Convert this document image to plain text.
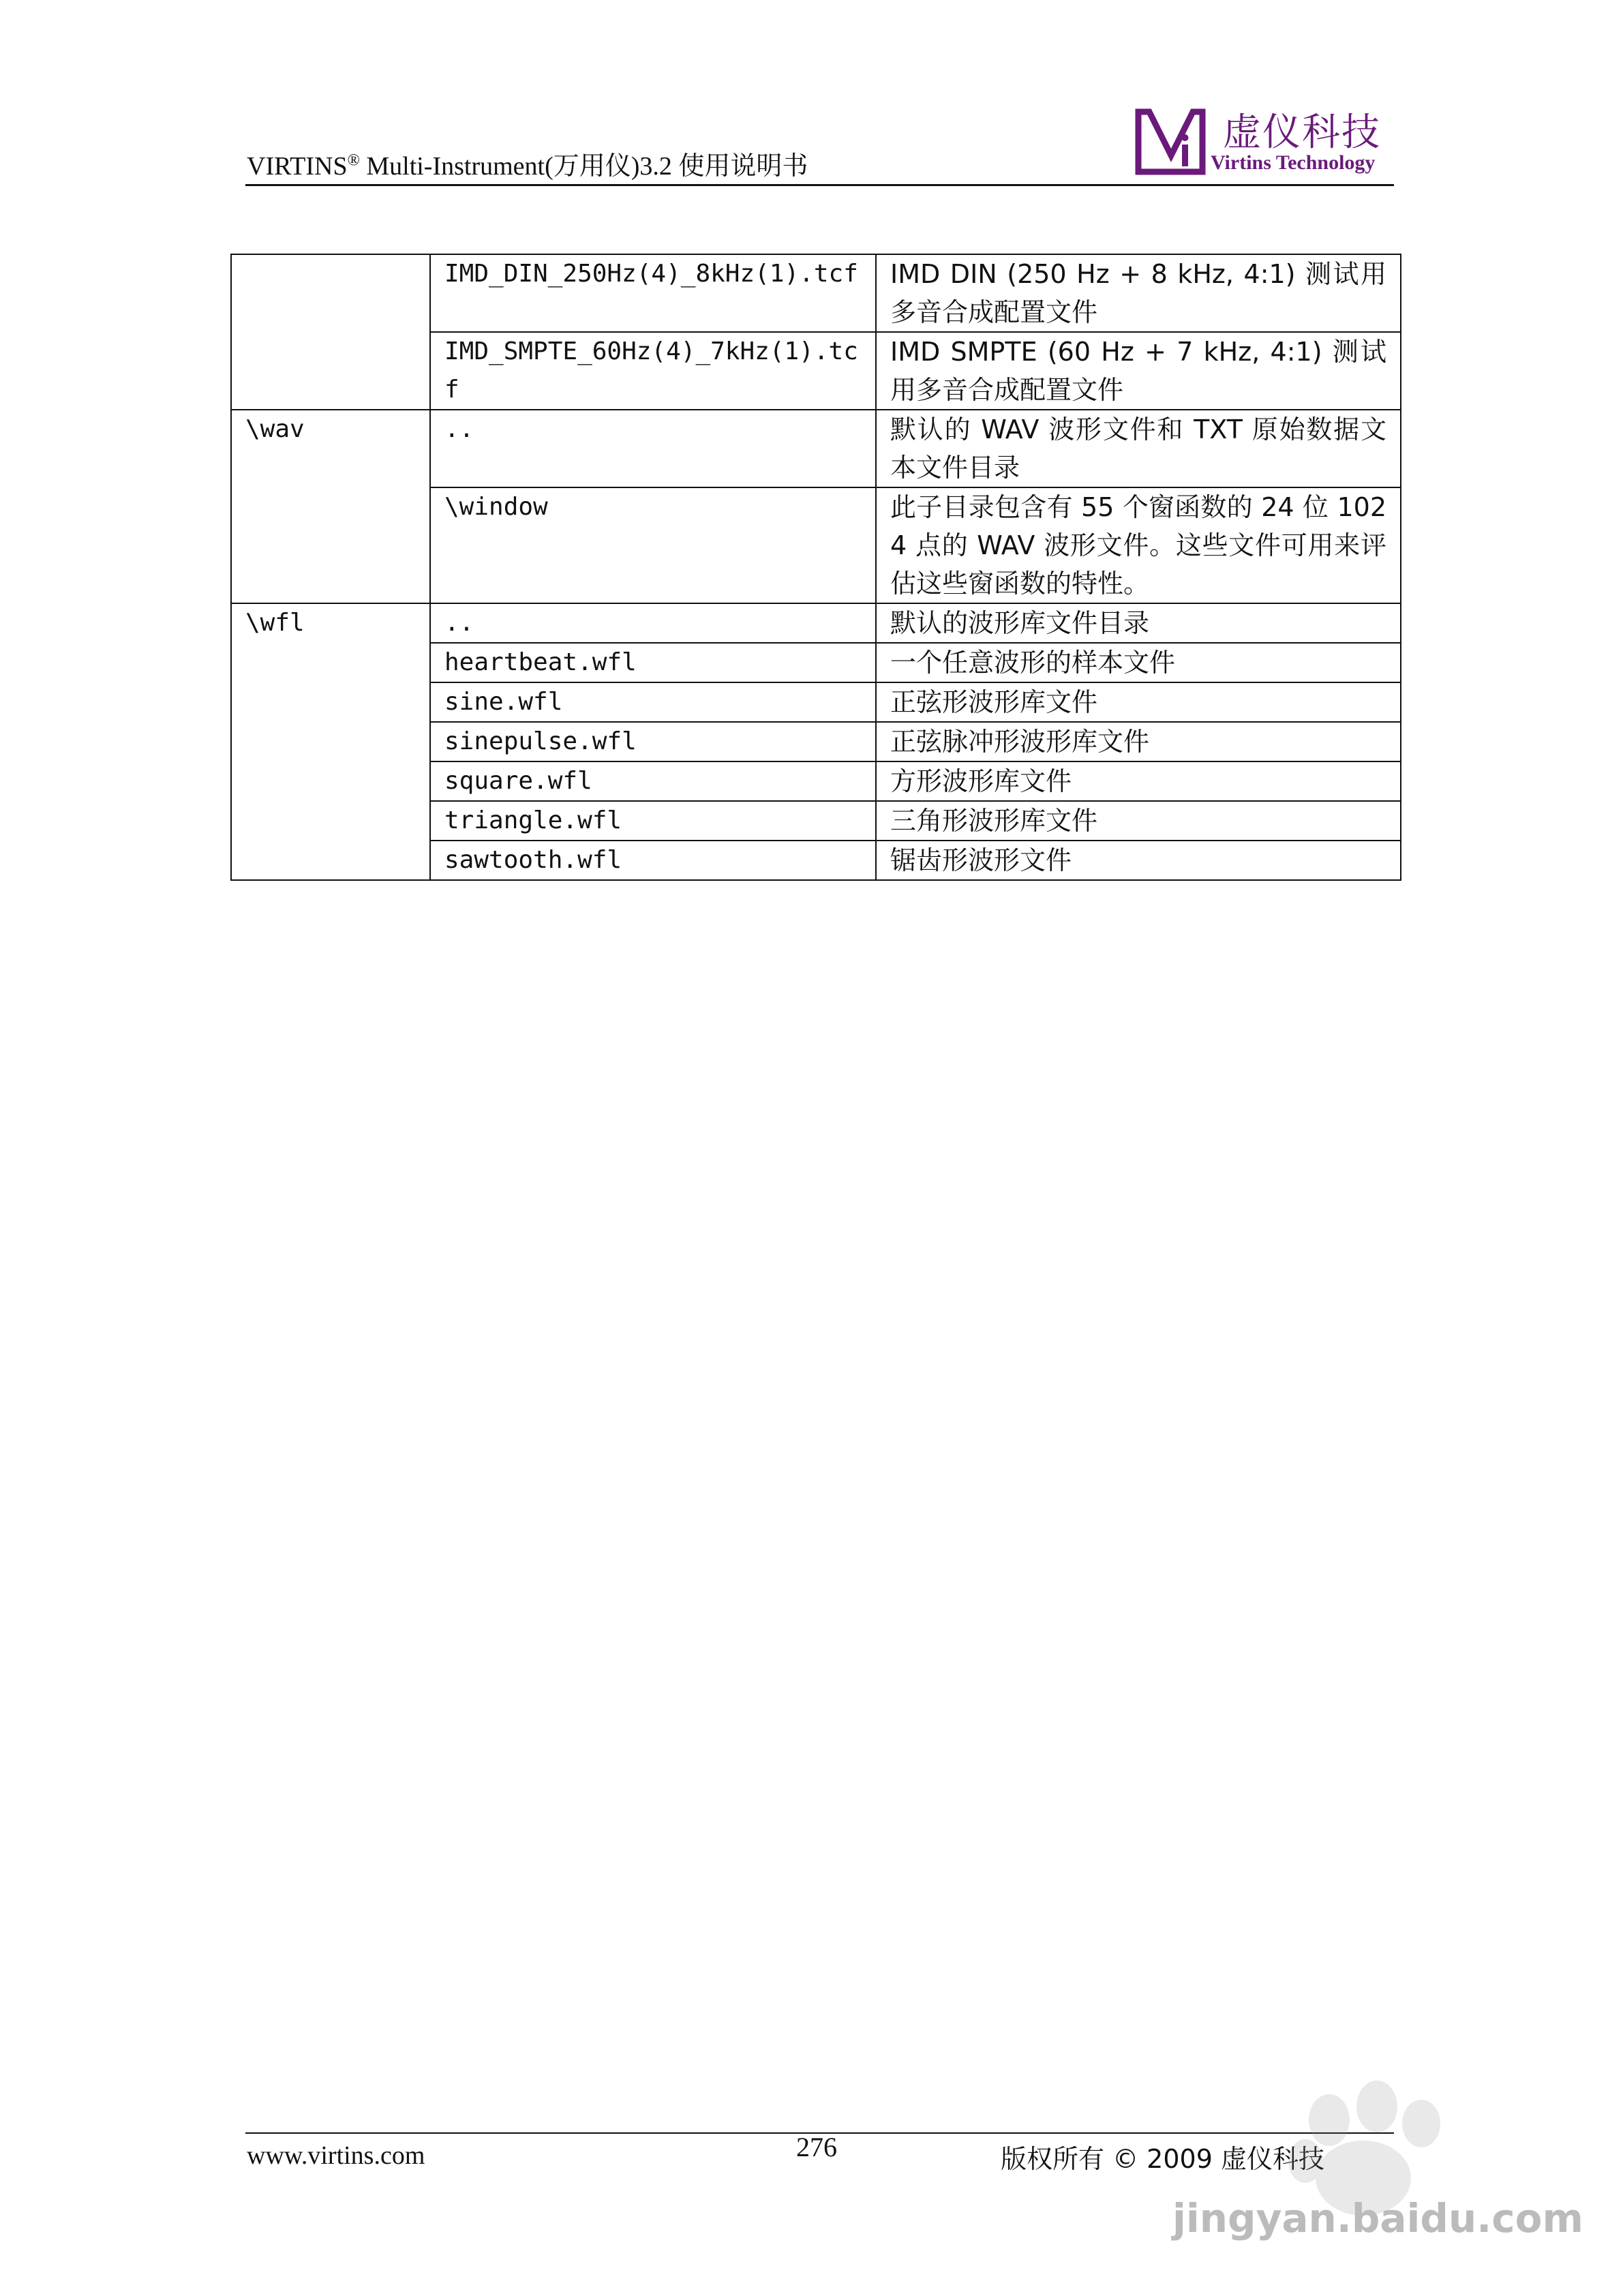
VIRTINS® Multi-Instrument(万用仪)3.2 使用说明书
虚仪科技
Virtins Technology
	IMD_DIN_250Hz(4)_8kHz(1).tcf	IMD DIN (250 Hz + 8 kHz, 4:1) 测试用多音合成配置文件
	IMD_SMPTE_60Hz(4)_7kHz(1).tcf	IMD SMPTE (60 Hz + 7 kHz, 4:1) 测试用多音合成配置文件
\wav	..	默认的 WAV 波形文件和 TXT 原始数据文本文件目录
	\window	此子目录包含有 55 个窗函数的 24 位 1024 点的 WAV 波形文件。这些文件可用来评估这些窗函数的特性。
\wfl	..	默认的波形库文件目录
	heartbeat.wfl	一个任意波形的样本文件
	sine.wfl	正弦形波形库文件
	sinepulse.wfl	正弦脉冲形波形库文件
	square.wfl	方形波形库文件
	triangle.wfl	三角形波形库文件
	sawtooth.wfl	锯齿形波形文件
www.virtins.com	276	版权所有 © 2009 虚仪科技
jingyan.baidu.com
